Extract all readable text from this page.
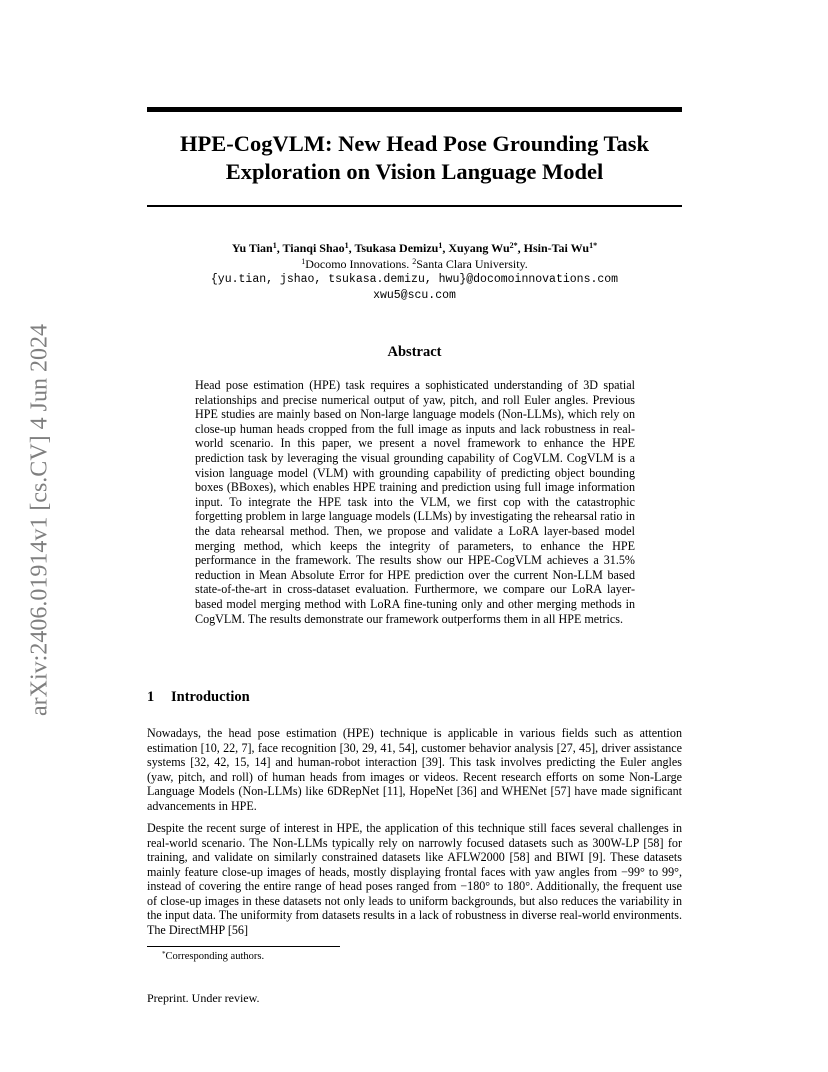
arXiv:2406.01914v1 [cs.CV] 4 Jun 2024
HPE-CogVLM: New Head Pose Grounding Task
Exploration on Vision Language Model
Yu Tian$^1$, Tianqi Shao$^1$, Tsukasa Demizu$^1$, Xuyang $Wu^{2*}$, Hsin-Tai $Wu^{1*}$
$^1$Docomo Innovations. $^2$Santa Clara University.
{yu.tian, jshao, tsukasa.demizu, hwu}@docomoinnovations.com
xwu5@scu.com
Abstract

Head pose estimation (HPE) task requires a sophisticated understanding of 3D spatial relationships and precise numerical output of yaw, pitch, and roll Euler angles. Previous HPE studies are mainly based on Non-large language models (Non-LLMs), which rely on close-up human heads cropped from the full image as inputs and lack robustness in real-world scenario. In this paper, we present a novel framework to enhance the HPE prediction task by leveraging the visual grounding capability of CogVLM. CogVLM is a vision language model (VLM) with grounding capability of predicting object bounding boxes (BBoxes), which enables HPE training and prediction using full image information input. To integrate the HPE task into the VLM, we first cop with the catastrophic forgetting problem in large language models (LLMs) by investigating the rehearsal ratio in the data rehearsal method. Then, we propose and validate a LoRA layer-based model merging method, which keeps the integrity of parameters, to enhance the HPE performance in the framework. The results show our HPE-CogVLM achieves a 31.5% reduction in Mean Absolute Error for HPE prediction over the current Non-LLM based state-of-the-art in cross-dataset evaluation. Furthermore, we compare our LoRA layer-based model merging method with LoRA fine-tuning only and other merging methods in CogVLM. The results demonstrate our framework outperforms them in all HPE metrics.

1 Introduction

Nowadays, the head pose estimation (HPE) technique is applicable in various fields such as attention estimation [10, 22, 7], face recognition [30, 29, 41, 54], customer behavior analysis [27, 45], driver assistance systems [32, 42, 15, 14] and human-robot interaction [39]. This task involves predicting the Euler angles (yaw, pitch, and roll) of human heads from images or videos. Recent research efforts on some Non-Large Language Models (Non-LLMs) like 6DRepNet [11], HopeNet [36] and WHENet [57] have made significant advancements in HPE.

Despite the recent surge of interest in HPE, the application of this technique still faces several challenges in real-world scenario. The Non-LLMs typically rely on narrowly focused datasets such as 300W-LP [58] for training, and validate on similarly constrained datasets like AFLW2000 [58] and BIWI [9]. These datasets mainly feature close-up images of heads, mostly displaying frontal faces with yaw angles from −99° to 99°, instead of covering the entire range of head poses ranged from −180° to 180°. Additionally, the frequent use of close-up images in these datasets not only leads to uniform backgrounds, but also reduces the variability in the input data. The uniformity from datasets results in a lack of robustness in diverse real-world environments. The DirectMHP [56]

*Corresponding authors.
Preprint. Under review.
